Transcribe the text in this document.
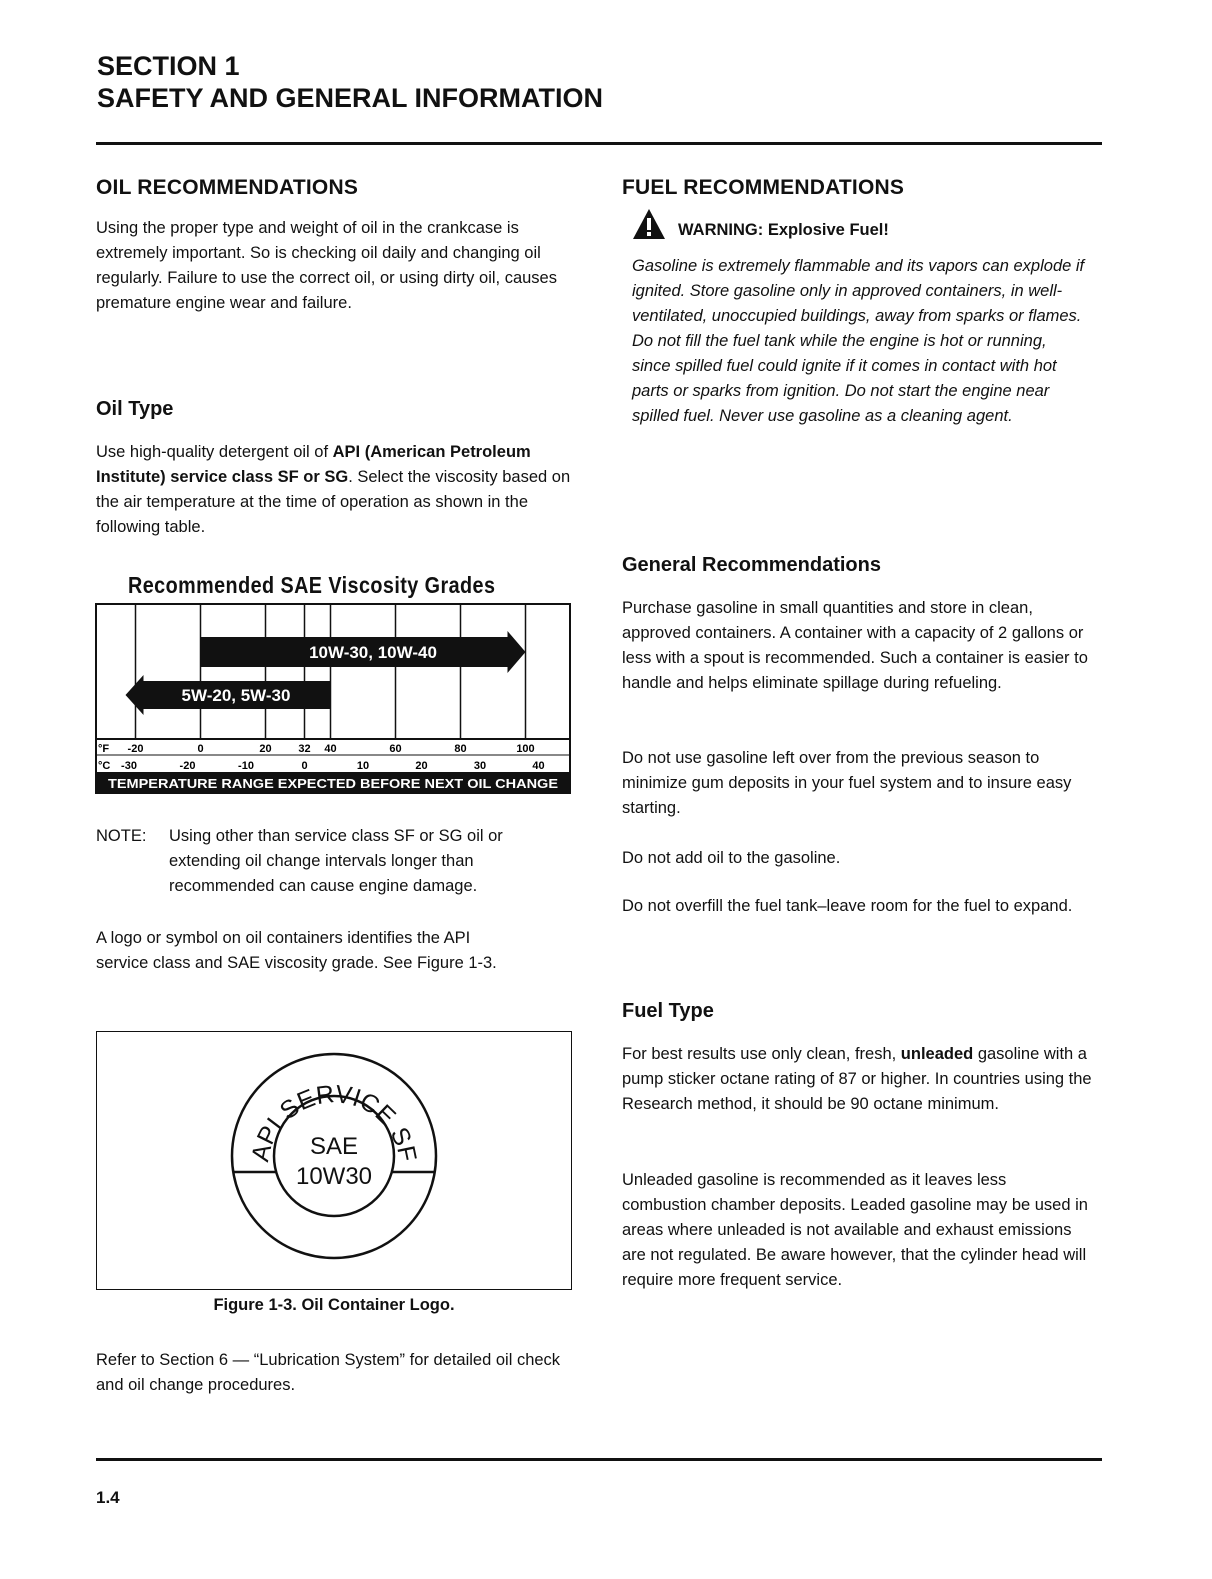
SECTION 1
SAFETY AND GENERAL INFORMATION
OIL RECOMMENDATIONS

Using the proper type and weight of oil in the crankcase is extremely important. So is checking oil daily and changing oil regularly. Failure to use the correct oil, or using dirty oil, causes premature engine wear and failure.

Oil Type

Use high-quality detergent oil of API (American Petroleum Institute) service class SF or SG. Select the viscosity based on the air temperature at the time of operation as shown in the following table.

Recommended SAE Viscosity Grades
10W-30, 10W-40
5W-20, 5W-30
°F
°C
-20	0	20 32 40	60	80	100
-30	-20	-10	0	10	20	30	40
TEMPERATURE RANGE EXPECTED BEFORE NEXT OIL CHANGE
NOTE:	Using other than service class SF or SG oil or extending oil change intervals longer than recommended can cause engine damage.

A logo or symbol on oil containers identifies the API service class and SAE viscosity grade. See Figure 1-3.

API SERVICE SF
SAE
10W30
Figure 1-3. Oil Container Logo.

Refer to Section 6 — “Lubrication System” for detailed oil check and oil change procedures.

FUEL RECOMMENDATIONS
WARNING: Explosive Fuel!

Gasoline is extremely flammable and its vapors can explode if ignited. Store gasoline only in approved containers, in well-ventilated, unoccupied buildings, away from sparks or flames. Do not fill the fuel tank while the engine is hot or running, since spilled fuel could ignite if it comes in contact with hot parts or sparks from ignition. Do not start the engine near spilled fuel. Never use gasoline as a cleaning agent.

General Recommendations

Purchase gasoline in small quantities and store in clean, approved containers. A container with a capacity of 2 gallons or less with a spout is recommended. Such a container is easier to handle and helps eliminate spillage during refueling.

Do not use gasoline left over from the previous season to minimize gum deposits in your fuel system and to insure easy starting.

Do not add oil to the gasoline.

Do not overfill the fuel tank–leave room for the fuel to expand.

Fuel Type

For best results use only clean, fresh, unleaded gasoline with a pump sticker octane rating of 87 or higher. In countries using the Research method, it should be 90 octane minimum.

Unleaded gasoline is recommended as it leaves less combustion chamber deposits. Leaded gasoline may be used in areas where unleaded is not available and exhaust emissions are not regulated. Be aware however, that the cylinder head will require more frequent service.

1.4
